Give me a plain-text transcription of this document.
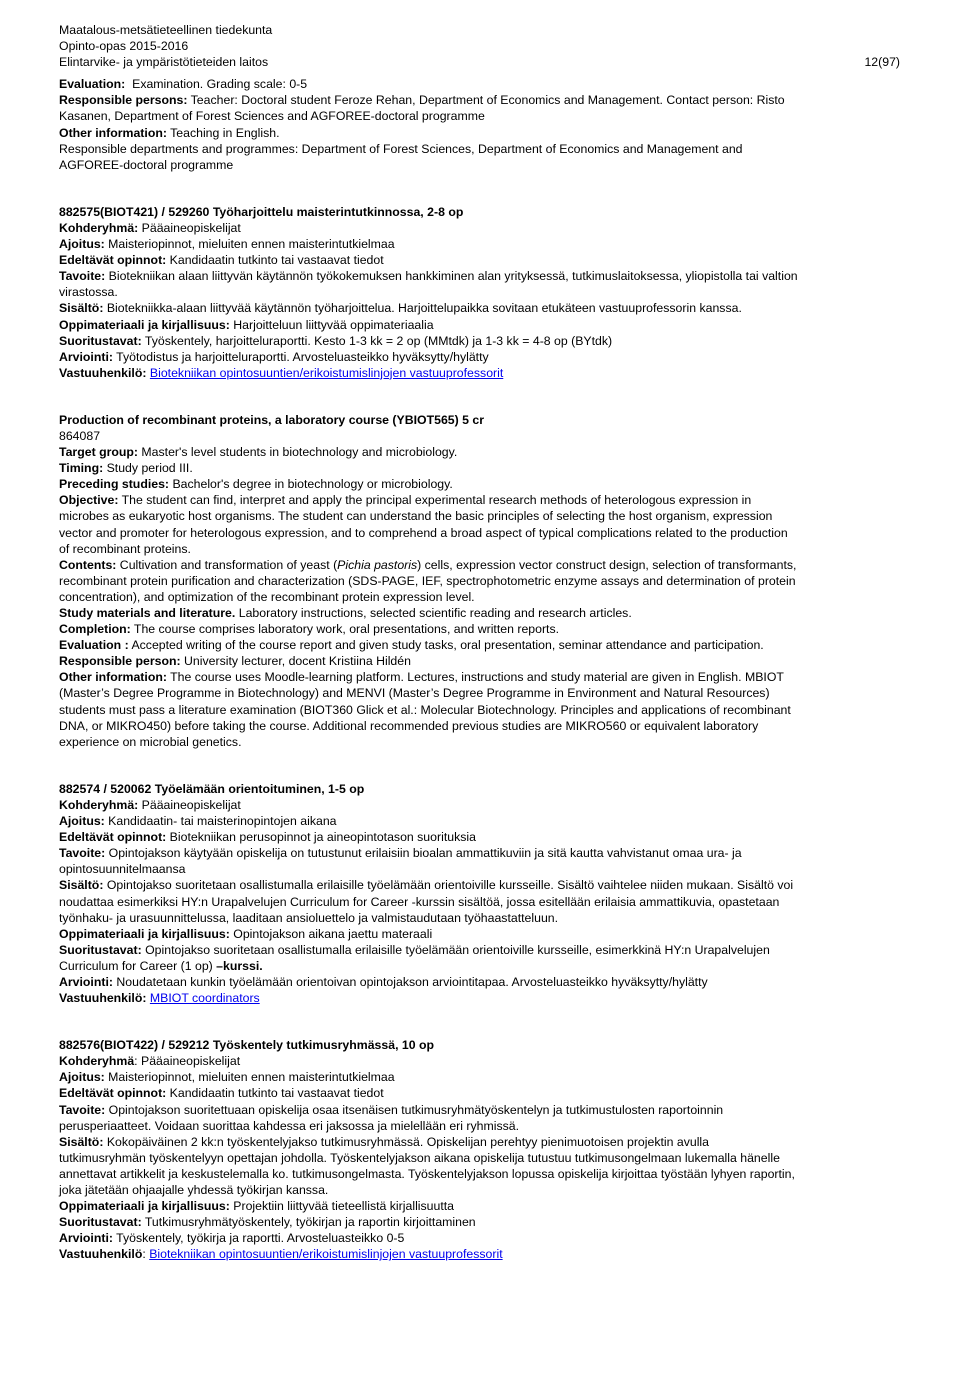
Maatalous-metsätieteellinen tiedekunta
Opinto-opas 2015-2016
Elintarvike- ja ympäristötieteiden laitos	12(97)
Evaluation:  Examination. Grading scale: 0-5
Responsible persons: Teacher: Doctoral student Feroze Rehan, Department of Economics and Management. Contact person: Risto
Kasanen, Department of Forest Sciences and AGFOREE-doctoral programme
Other information: Teaching in English.
Responsible departments and programmes: Department of Forest Sciences, Department of Economics and Management and
AGFOREE-doctoral programme
882575(BIOT421) / 529260 Työharjoittelu maisterintutkinnossa, 2-8 op
Kohderyhmä: Pääaineopiskelijat
Ajoitus: Maisteriopinnot, mieluiten ennen maisterintutkielmaa
Edeltävät opinnot: Kandidaatin tutkinto tai vastaavat tiedot
Tavoite: Biotekniikan alaan liittyvän käytännön työkokemuksen hankkiminen alan yrityksessä, tutkimuslaitoksessa, yliopistolla tai valtion
virastossa.
Sisältö: Biotekniikka-alaan liittyvää käytännön työharjoittelua. Harjoittelupaikka sovitaan etukäteen vastuuprofessorin kanssa.
Oppimateriaali ja kirjallisuus: Harjoitteluun liittyvää oppimateriaalia
Suoritustavat: Työskentely, harjoitteluraportti. Kesto 1-3 kk = 2 op (MMtdk) ja 1-3 kk = 4-8 op (BYtdk)
Arviointi: Työtodistus ja harjoitteluraportti. Arvosteluasteikko hyväksytty/hylätty
Vastuuhenkilö: Biotekniikan opintosuuntien/erikoistumislinjojen vastuuprofessorit
Production of recombinant proteins, a laboratory course (YBIOT565) 5 cr
864087
Target group: Master's level students in biotechnology and microbiology.
Timing: Study period III.
Preceding studies: Bachelor's degree in biotechnology or microbiology.
Objective: The student can find, interpret and apply the principal experimental research methods of heterologous expression in
microbes as eukaryotic host organisms. The student can understand the basic principles of selecting the host organism, expression
vector and promoter for heterologous expression, and to comprehend a broad aspect of typical complications related to the production
of recombinant proteins.
Contents: Cultivation and transformation of yeast (Pichia pastoris) cells, expression vector construct design, selection of transformants,
recombinant protein purification and characterization (SDS-PAGE, IEF, spectrophotometric enzyme assays and determination of protein
concentration), and optimization of the recombinant protein expression level.
Study materials and literature. Laboratory instructions, selected scientific reading and research articles.
Completion: The course comprises laboratory work, oral presentations, and written reports.
Evaluation : Accepted writing of the course report and given study tasks, oral presentation, seminar attendance and participation.
Responsible person: University lecturer, docent Kristiina Hildén
Other information: The course uses Moodle-learning platform. Lectures, instructions and study material are given in English. MBIOT
(Master’s Degree Programme in Biotechnology) and MENVI (Master’s Degree Programme in Environment and Natural Resources)
students must pass a literature examination (BIOT360 Glick et al.: Molecular Biotechnology. Principles and applications of recombinant
DNA, or MIKRO450) before taking the course. Additional recommended previous studies are MIKRO560 or equivalent laboratory
experience on microbial genetics.
882574 / 520062 Työelämään orientoituminen, 1-5 op
Kohderyhmä: Pääaineopiskelijat
Ajoitus: Kandidaatin- tai maisterinopintojen aikana
Edeltävät opinnot: Biotekniikan perusopinnot ja aineopintotason suorituksia
Tavoite: Opintojakson käytyään opiskelija on tutustunut erilaisiin bioalan ammattikuviin ja sitä kautta vahvistanut omaa ura- ja
opintosuunnitelmaansa
Sisältö: Opintojakso suoritetaan osallistumalla erilaisille työelämään orientoiville kursseille. Sisältö vaihtelee niiden mukaan. Sisältö voi
noudattaa esimerkiksi HY:n Urapalvelujen Curriculum for Career -kurssin sisältöä, jossa esitellään erilaisia ammattikuvia, opastetaan
työnhaku- ja urasuunnittelussa, laaditaan ansioluettelo ja valmistaudutaan työhaastatteluun.
Oppimateriaali ja kirjallisuus: Opintojakson aikana jaettu materaali
Suoritustavat: Opintojakso suoritetaan osallistumalla erilaisille työelämään orientoiville kursseille, esimerkkinä HY:n Urapalvelujen
Curriculum for Career (1 op) –kurssi.
Arviointi: Noudatetaan kunkin työelämään orientoivan opintojakson arviointitapaa. Arvosteluasteikko hyväksytty/hylätty
Vastuuhenkilö: MBIOT coordinators
882576(BIOT422) / 529212 Työskentely tutkimusryhmässä, 10 op
Kohderyhmä: Pääaineopiskelijat
Ajoitus: Maisteriopinnot, mieluiten ennen maisterintutkielmaa
Edeltävät opinnot: Kandidaatin tutkinto tai vastaavat tiedot
Tavoite: Opintojakson suoritettuaan opiskelija osaa itsenäisen tutkimusryhmätyöskentelyn ja tutkimustulosten raportoinnin
perusperiaatteet. Voidaan suorittaa kahdessa eri jaksossa ja mielellään eri ryhmissä.
Sisältö: Kokopäiväinen 2 kk:n työskentelyjakso tutkimusryhmässä. Opiskelijan perehtyy pienimuotoisen projektin avulla
tutkimusryhmän työskentelyyn opettajan johdolla. Työskentelyjakson aikana opiskelija tutustuu tutkimusongelmaan lukemalla hänelle
annettavat artikkelit ja keskustelemalla ko. tutkimusongelmasta. Työskentelyjakson lopussa opiskelija kirjoittaa työstään lyhyen raportin,
joka jätetään ohjaajalle yhdessä työkirjan kanssa.
Oppimateriaali ja kirjallisuus: Projektiin liittyvää tieteellistä kirjallisuutta
Suoritustavat: Tutkimusryhmätyöskentely, työkirjan ja raportin kirjoittaminen
Arviointi: Työskentely, työkirja ja raportti. Arvosteluasteikko 0-5
Vastuuhenkilö: Biotekniikan opintosuuntien/erikoistumislinjojen vastuuprofessorit
